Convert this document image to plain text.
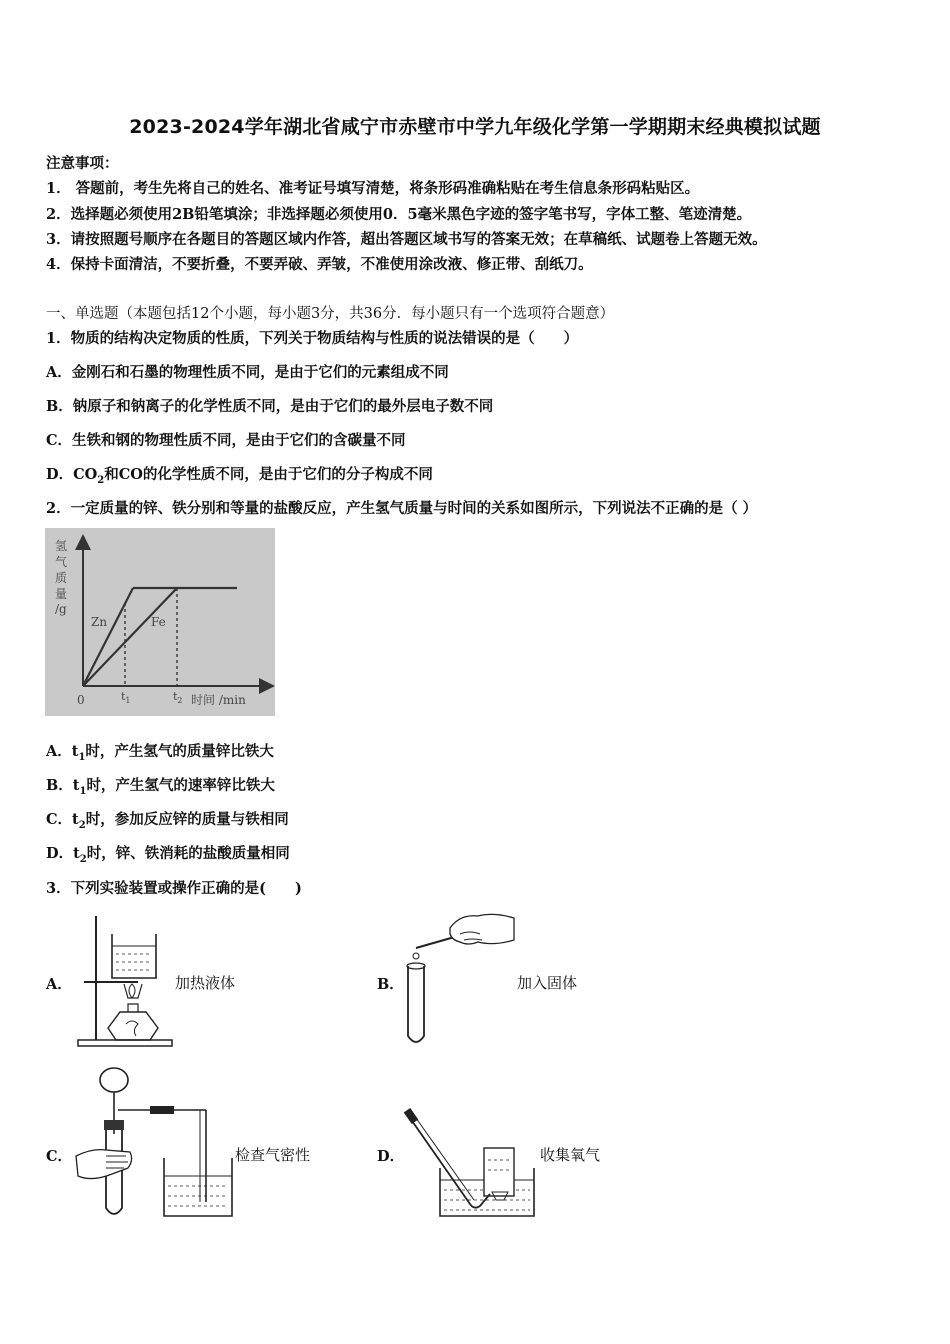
2023-2024学年湖北省咸宁市赤壁市中学九年级化学第一学期期末经典模拟试题
注意事项：
1． 答题前，考生先将自己的姓名、准考证号填写清楚，将条形码准确粘贴在考生信息条形码粘贴区。
2．选择题必须使用2B铅笔填涂；非选择题必须使用0．5毫米黑色字迹的签字笔书写，字体工整、笔迹清楚。
3．请按照题号顺序在各题目的答题区域内作答，超出答题区域书写的答案无效；在草稿纸、试题卷上答题无效。
4．保持卡面清洁，不要折叠，不要弄破、弄皱，不准使用涂改液、修正带、刮纸刀。
一、单选题（本题包括12个小题，每小题3分，共36分．每小题只有一个选项符合题意）
1．物质的结构决定物质的性质，下列关于物质结构与性质的说法错误的是（　　）
A．金刚石和石墨的物理性质不同，是由于它们的元素组成不同
B．钠原子和钠离子的化学性质不同，是由于它们的最外层电子数不同
C．生铁和钢的物理性质不同，是由于它们的含碳量不同
D．$CO_2$和CO的化学性质不同，是由于它们的分子构成不同
2．一定质量的锌、铁分别和等量的盐酸反应，产生氢气质量与时间的关系如图所示，下列说法不正确的是（ ）
氢
气
质
量
/g
Zn	Fe
0	$t_1$	$t_2$ 时间 /min
A．$t_1$时，产生氢气的质量锌比铁大
B．$t_1$时，产生氢气的速率锌比铁大
C．$t_2$时，参加反应锌的质量与铁相同
D．$t_2$时，锌、铁消耗的盐酸质量相同
3．下列实验装置或操作正确的是(　　)
A．	加热液体	B．	加入固体
C．	检查气密性	D．	收集氧气
